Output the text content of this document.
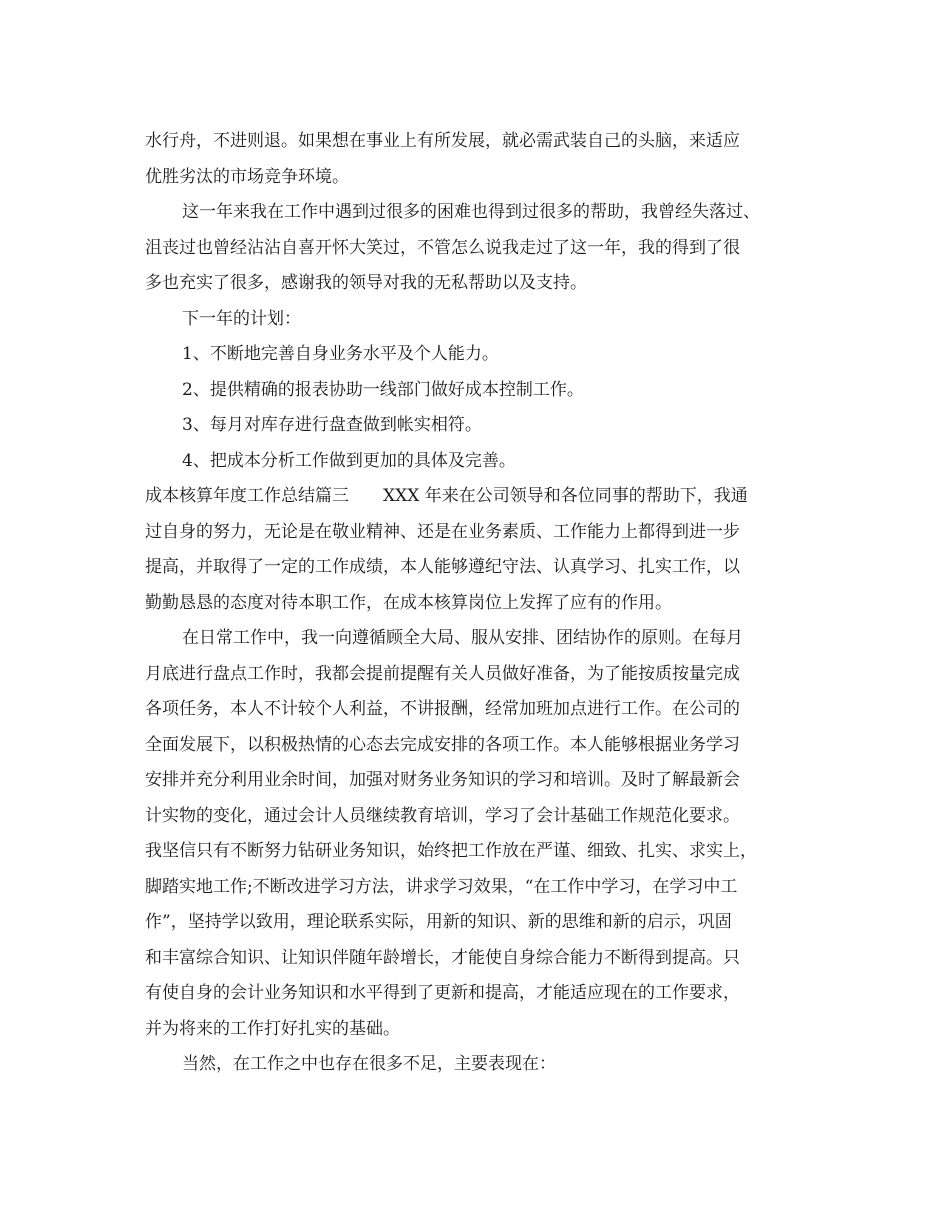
水行舟，不进则退。如果想在事业上有所发展，就必需武装自己的头脑，来适应
优胜劣汰的市场竞争环境。
这一年来我在工作中遇到过很多的困难也得到过很多的帮助，我曾经失落过、
沮丧过也曾经沾沾自喜开怀大笑过，不管怎么说我走过了这一年，我的得到了很
多也充实了很多，感谢我的领导对我的无私帮助以及支持。
下一年的计划：
1、不断地完善自身业务水平及个人能力。
2、提供精确的报表协助一线部门做好成本控制工作。
3、每月对库存进行盘查做到帐实相符。
4、把成本分析工作做到更加的具体及完善。
成本核算年度工作总结篇三　　XXX 年来在公司领导和各位同事的帮助下，我通
过自身的努力，无论是在敬业精神、还是在业务素质、工作能力上都得到进一步
提高，并取得了一定的工作成绩，本人能够遵纪守法、认真学习、扎实工作，以
勤勤恳恳的态度对待本职工作，在成本核算岗位上发挥了应有的作用。
在日常工作中，我一向遵循顾全大局、服从安排、团结协作的原则。在每月
月底进行盘点工作时，我都会提前提醒有关人员做好准备，为了能按质按量完成
各项任务，本人不计较个人利益，不讲报酬，经常加班加点进行工作。在公司的
全面发展下，以积极热情的心态去完成安排的各项工作。本人能够根据业务学习
安排并充分利用业余时间，加强对财务业务知识的学习和培训。及时了解最新会
计实物的变化，通过会计人员继续教育培训，学习了会计基础工作规范化要求。
我坚信只有不断努力钻研业务知识，始终把工作放在严谨、细致、扎实、求实上，
脚踏实地工作;不断改进学习方法，讲求学习效果，“在工作中学习，在学习中工
作”，坚持学以致用，理论联系实际，用新的知识、新的思维和新的启示，巩固
和丰富综合知识、让知识伴随年龄增长，才能使自身综合能力不断得到提高。只
有使自身的会计业务知识和水平得到了更新和提高，才能适应现在的工作要求，
并为将来的工作打好扎实的基础。
当然，在工作之中也存在很多不足，主要表现在：
